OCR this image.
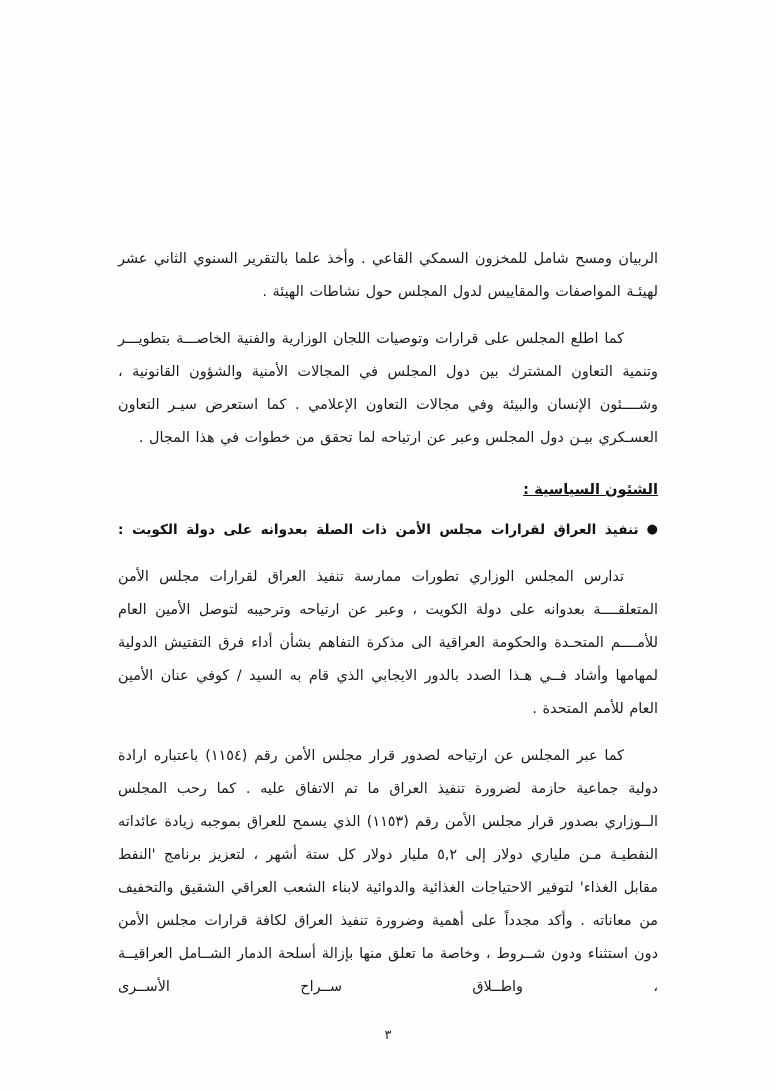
الربيان ومسح شامل للمخزون السمكي القاعي . وأخذ علما بالتقرير السنوي الثاني عشر لهيئـة المواصفات والمقاييس لدول المجلس حول نشاطات الهيئة .

كما اطلع المجلس على قرارات وتوصيات اللجان الوزارية والفنية الخاصـــة بتطويـــر وتنمية التعاون المشترك بين دول المجلس في المجالات الأمنية والشؤون القانونية ، وشــــئون الإنسان والبيئة وفي مجالات التعاون الإعلامي . كما استعرض سيـر التعاون العسـكري بيـن دول المجلس وعبر عن ارتياحه لما تحقق من خطوات في هذا المجال .

الشئون السياسية :
●
تنفيذ العراق لقرارات مجلس الأمن ذات الصلة بعدوانه على دولة الكويت :

تدارس المجلس الوزاري تطورات ممارسة تنفيذ العراق لقرارات مجلس الأمن المتعلقــــة بعدوانه على دولة الكويت ، وعبر عن ارتياحه وترحيبه لتوصل الأمين العام للأمــــم المتحـدة والحكومة العراقية الى مذكرة التفاهم بشأن أداء فرق التفتيش الدولية لمهامها وأشاد فــي هـذا الصدد بالدور الايجابي الذي قام به السيد / كوفي عنان الأمين العام للأمم المتحدة .

كما عبر المجلس عن ارتياحه لصدور قرار مجلس الأمن رقم (١١٥٤) باعتباره ارادة دولية جماعية حازمة لضرورة تنفيذ العراق ما تم الاتفاق عليه . كما رحب المجلس الــوزاري بصدور قرار مجلس الأمن رقم (١١٥٣) الذي يسمح للعراق بموجبه زيادة عائداته النفطيـة مـن ملياري دولار إلى ٥,٢ مليار دولار كل ستة أشهر ، لتعزيز برنامج 'النفط مقابل الغذاء' لتوفير الاحتياجات الغذائية والدوائية لابناء الشعب العراقي الشقيق والتخفيف من معاناته . وأكد مجدداً على أهمية وضرورة تنفيذ العراق لكافة قرارات مجلس الأمن دون استثناء ودون شــروط ، وخاصة ما تعلق منها بإزالة أسلحة الدمار الشــامل العراقيــة ، واطــلاق ســراح الأســرى

٣
